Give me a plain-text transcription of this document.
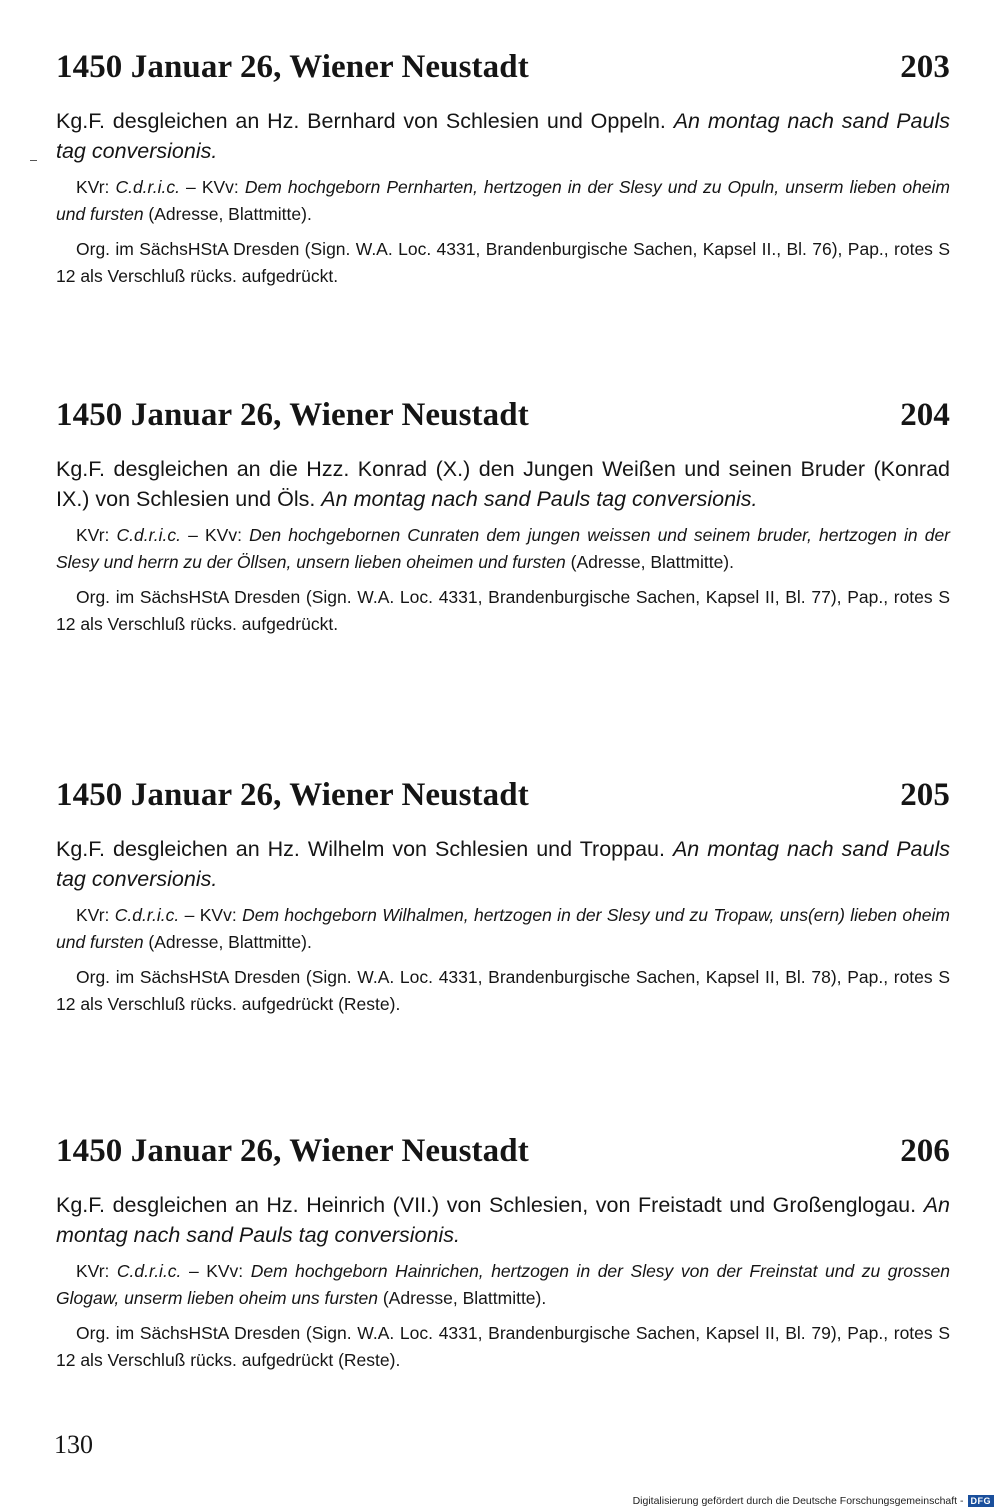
1450 Januar 26, Wiener Neustadt	203
Kg.F. desgleichen an Hz. Bernhard von Schlesien und Oppeln. An montag nach sand Pauls tag conversionis.
KVr: C.d.r.i.c. – KVv: Dem hochgeborn Pernharten, hertzogen in der Slesy und zu Opuln, unserm lieben oheim und fursten (Adresse, Blattmitte).
Org. im SächsHStA Dresden (Sign. W.A. Loc. 4331, Brandenburgische Sachen, Kapsel II., Bl. 76), Pap., rotes S 12 als Verschluß rücks. aufgedrückt.
1450 Januar 26, Wiener Neustadt	204
Kg.F. desgleichen an die Hzz. Konrad (X.) den Jungen Weißen und seinen Bruder (Konrad IX.) von Schlesien und Öls. An montag nach sand Pauls tag conversionis.
KVr: C.d.r.i.c. – KVv: Den hochgebornen Cunraten dem jungen weissen und seinem bruder, hertzogen in der Slesy und herrn zu der Öllsen, unsern lieben oheimen und fursten (Adresse, Blattmitte).
Org. im SächsHStA Dresden (Sign. W.A. Loc. 4331, Brandenburgische Sachen, Kapsel II, Bl. 77), Pap., rotes S 12 als Verschluß rücks. aufgedrückt.
1450 Januar 26, Wiener Neustadt	205
Kg.F. desgleichen an Hz. Wilhelm von Schlesien und Troppau. An montag nach sand Pauls tag conversionis.
KVr: C.d.r.i.c. – KVv: Dem hochgeborn Wilhalmen, hertzogen in der Slesy und zu Tropaw, uns(ern) lieben oheim und fursten (Adresse, Blattmitte).
Org. im SächsHStA Dresden (Sign. W.A. Loc. 4331, Brandenburgische Sachen, Kapsel II, Bl. 78), Pap., rotes S 12 als Verschluß rücks. aufgedrückt (Reste).
1450 Januar 26, Wiener Neustadt	206
Kg.F. desgleichen an Hz. Heinrich (VII.) von Schlesien, von Freistadt und Großenglogau. An montag nach sand Pauls tag conversionis.
KVr: C.d.r.i.c. – KVv: Dem hochgeborn Hainrichen, hertzogen in der Slesy von der Freinstat und zu grossen Glogaw, unserm lieben oheim uns fursten (Adresse, Blattmitte).
Org. im SächsHStA Dresden (Sign. W.A. Loc. 4331, Brandenburgische Sachen, Kapsel II, Bl. 79), Pap., rotes S 12 als Verschluß rücks. aufgedrückt (Reste).
130
Digitalisierung gefördert durch die Deutsche Forschungsgemeinschaft - DFG
